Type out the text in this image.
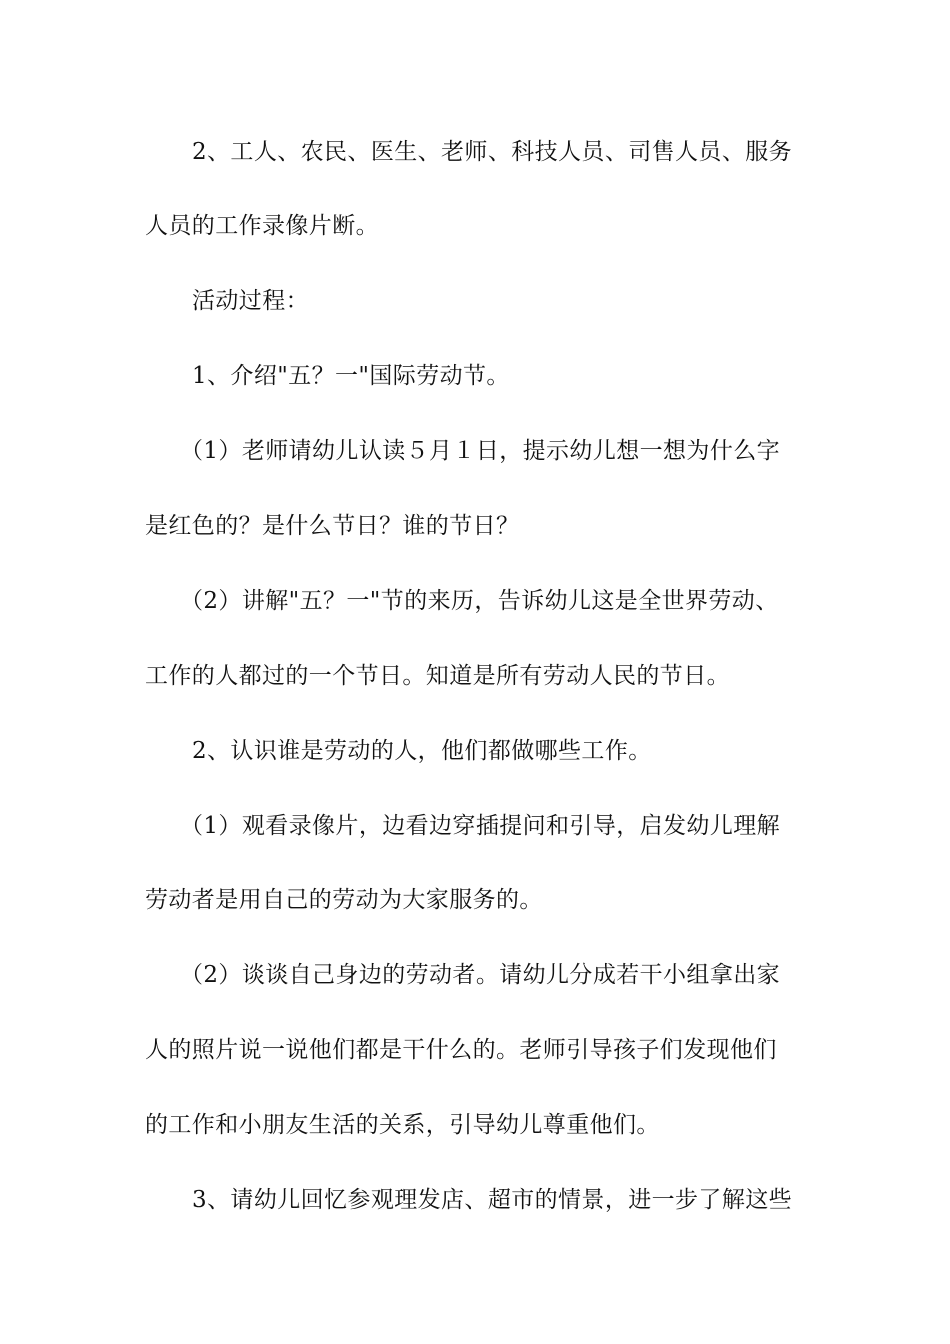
2、工人、农民、医生、老师、科技人员、司售人员、服务
人员的工作录像片断。
活动过程：
1、介绍"五？一"国际劳动节。
（1）老师请幼儿认读５月１日，提示幼儿想一想为什么字
是红色的？是什么节日？谁的节日？
（2）讲解"五？一"节的来历，告诉幼儿这是全世界劳动、
工作的人都过的一个节日。知道是所有劳动人民的节日。
2、认识谁是劳动的人，他们都做哪些工作。
（1）观看录像片，边看边穿插提问和引导，启发幼儿理解
劳动者是用自己的劳动为大家服务的。
（2）谈谈自己身边的劳动者。请幼儿分成若干小组拿出家
人的照片说一说他们都是干什么的。老师引导孩子们发现他们
的工作和小朋友生活的关系，引导幼儿尊重他们。
3、请幼儿回忆参观理发店、超市的情景，进一步了解这些
